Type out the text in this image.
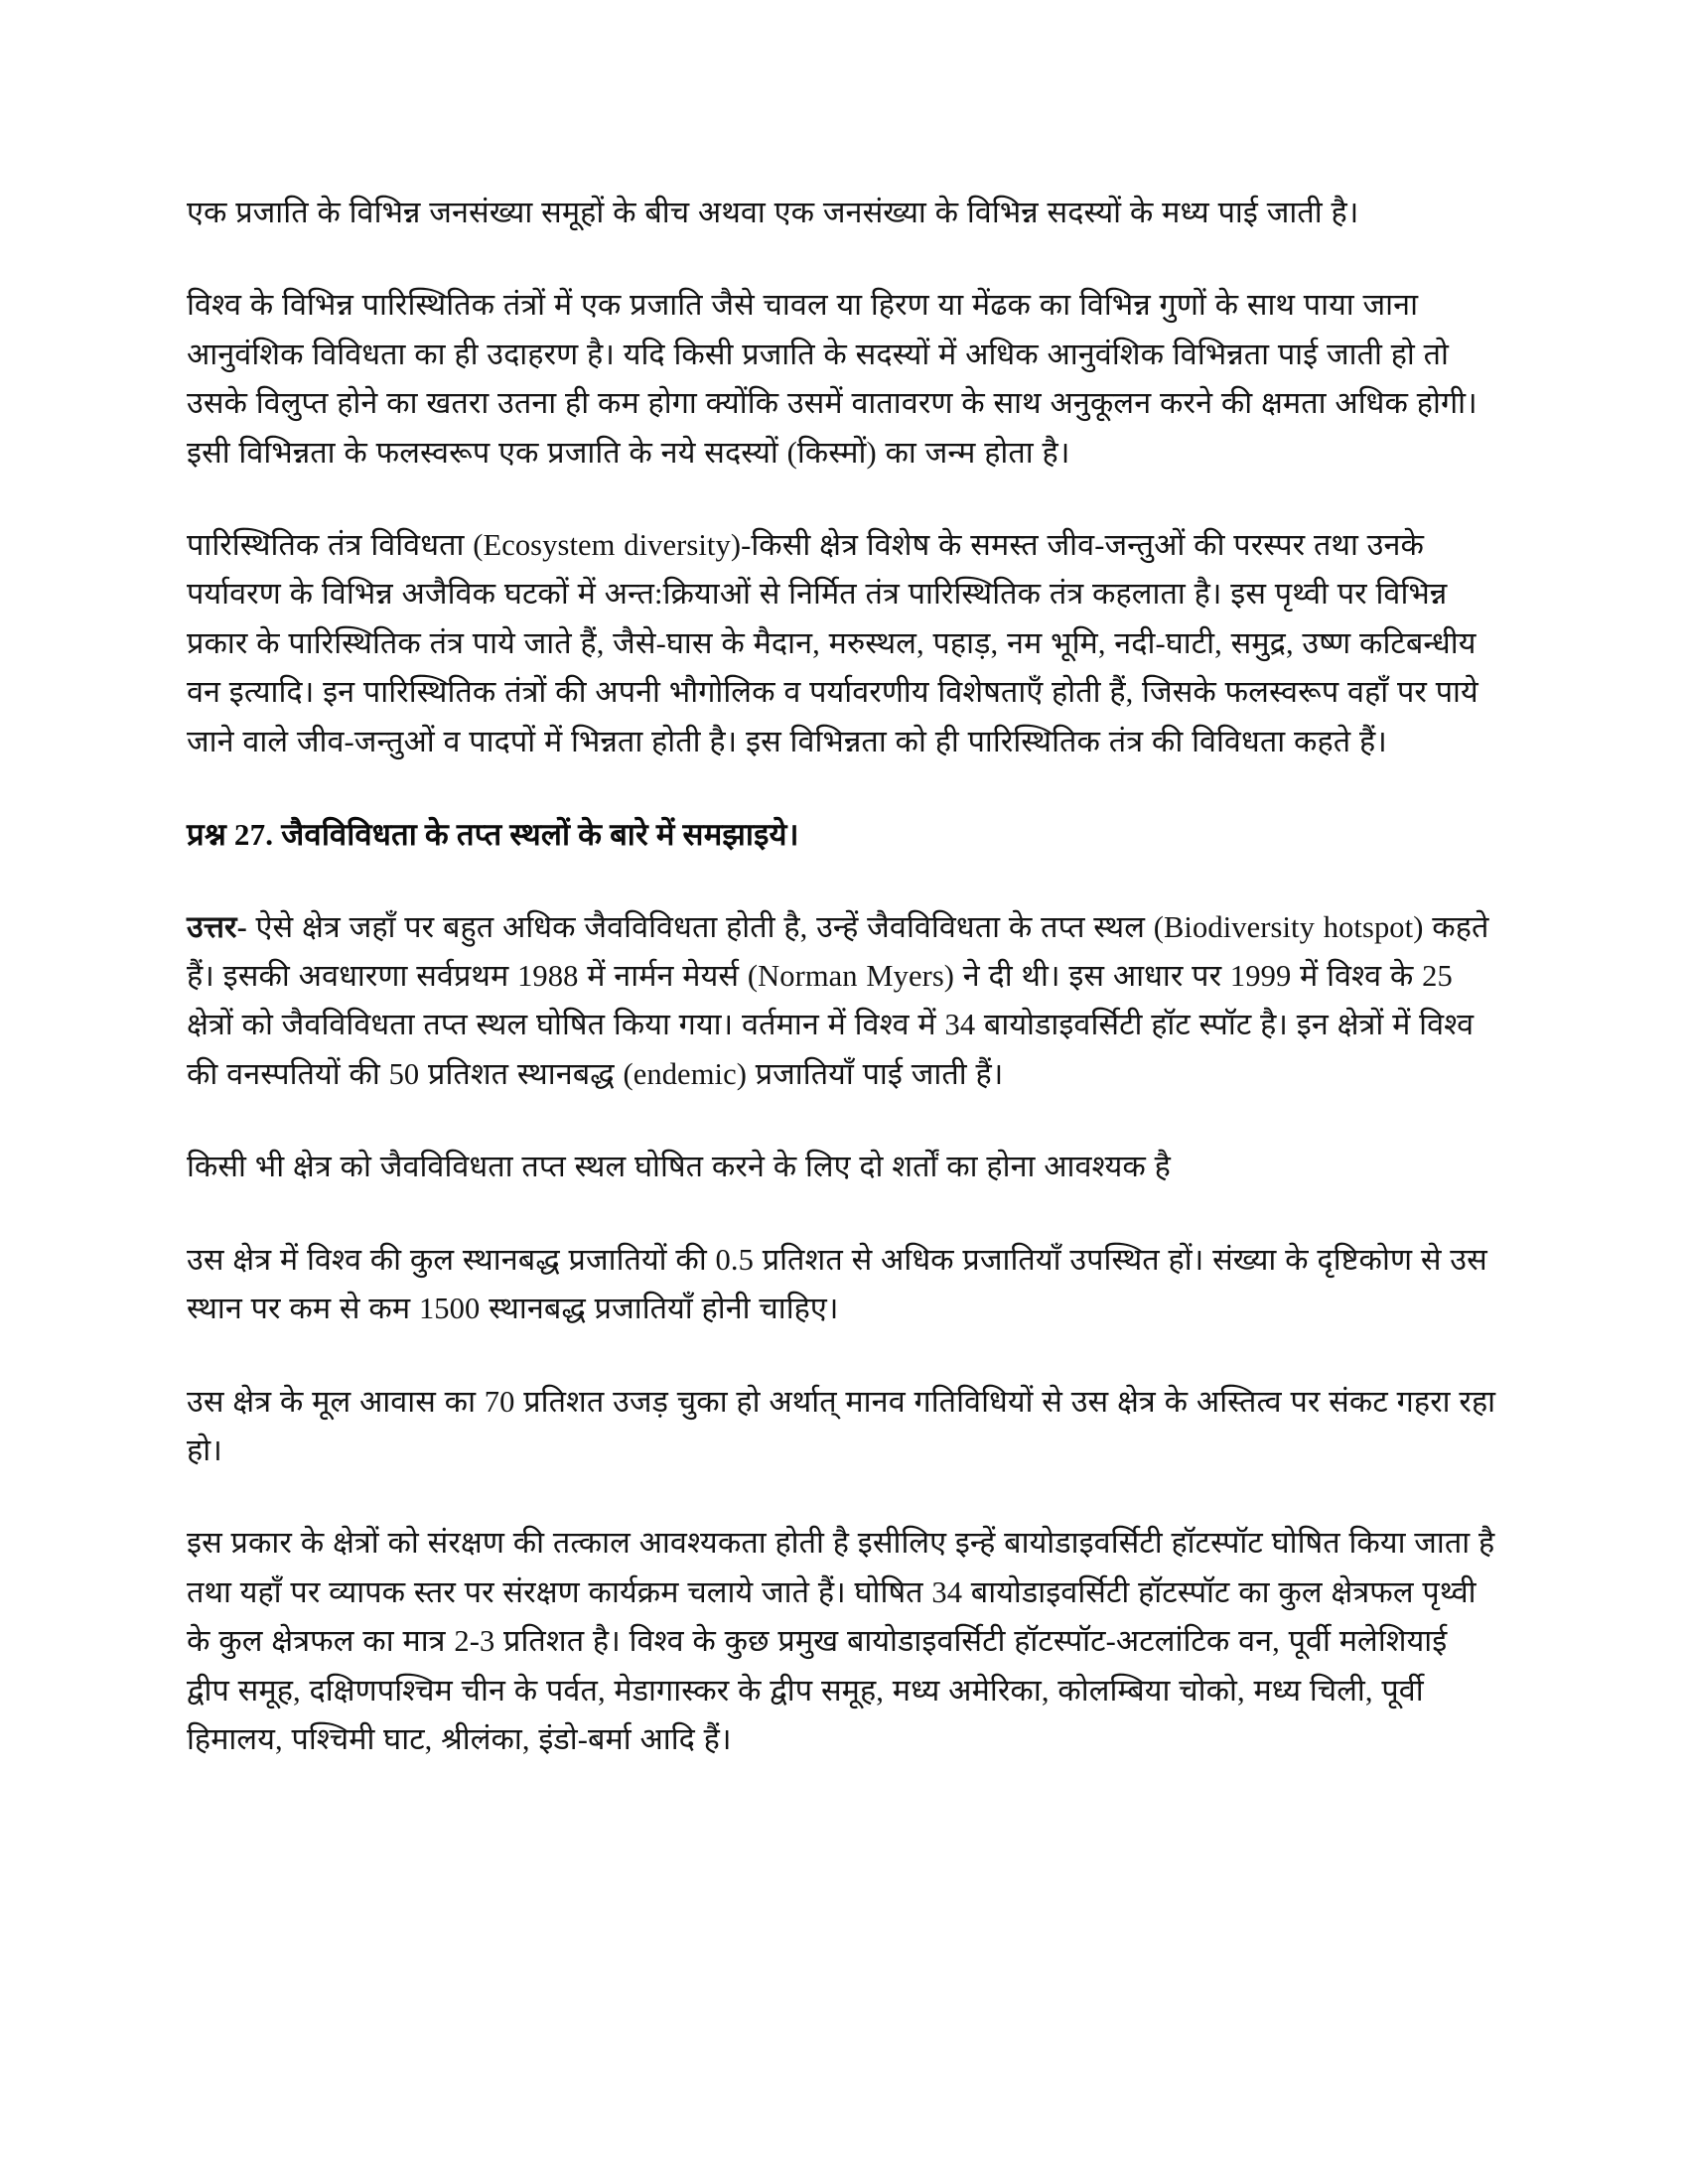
एक प्रजाति के विभिन्न जनसंख्या समूहों के बीच अथवा एक जनसंख्या के विभिन्न सदस्यों के मध्य पाई जाती है।

विश्व के विभिन्न पारिस्थितिक तंत्रों में एक प्रजाति जैसे चावल या हिरण या मेंढक का विभिन्न गुणों के साथ पाया जाना आनुवंशिक विविधता का ही उदाहरण है। यदि किसी प्रजाति के सदस्यों में अधिक आनुवंशिक विभिन्नता पाई जाती हो तो उसके विलुप्त होने का खतरा उतना ही कम होगा क्योंकि उसमें वातावरण के साथ अनुकूलन करने की क्षमता अधिक होगी। इसी विभिन्नता के फलस्वरूप एक प्रजाति के नये सदस्यों (किस्मों) का जन्म होता है।

पारिस्थितिक तंत्र विविधता (Ecosystem diversity)-किसी क्षेत्र विशेष के समस्त जीव-जन्तुओं की परस्पर तथा उनके पर्यावरण के विभिन्न अजैविक घटकों में अन्त:क्रियाओं से निर्मित तंत्र पारिस्थितिक तंत्र कहलाता है। इस पृथ्वी पर विभिन्न प्रकार के पारिस्थितिक तंत्र पाये जाते हैं, जैसे-घास के मैदान, मरुस्थल, पहाड़, नम भूमि, नदी-घाटी, समुद्र, उष्ण कटिबन्धीय वन इत्यादि। इन पारिस्थितिक तंत्रों की अपनी भौगोलिक व पर्यावरणीय विशेषताएँ होती हैं, जिसके फलस्वरूप वहाँ पर पाये जाने वाले जीव-जन्तुओं व पादपों में भिन्नता होती है। इस विभिन्नता को ही पारिस्थितिक तंत्र की विविधता कहते हैं।

प्रश्न 27. जैवविविधता के तप्त स्थलों के बारे में समझाइये।

उत्तर- ऐसे क्षेत्र जहाँ पर बहुत अधिक जैवविविधता होती है, उन्हें जैवविविधता के तप्त स्थल (Biodiversity hotspot) कहते हैं। इसकी अवधारणा सर्वप्रथम 1988 में नार्मन मेयर्स (Norman Myers) ने दी थी। इस आधार पर 1999 में विश्व के 25 क्षेत्रों को जैवविविधता तप्त स्थल घोषित किया गया। वर्तमान में विश्व में 34 बायोडाइवर्सिटी हॉट स्पॉट है। इन क्षेत्रों में विश्व की वनस्पतियों की 50 प्रतिशत स्थानबद्ध (endemic) प्रजातियाँ पाई जाती हैं।

किसी भी क्षेत्र को जैवविविधता तप्त स्थल घोषित करने के लिए दो शर्तों का होना आवश्यक है

उस क्षेत्र में विश्व की कुल स्थानबद्ध प्रजातियों की 0.5 प्रतिशत से अधिक प्रजातियाँ उपस्थित हों। संख्या के दृष्टिकोण से उस स्थान पर कम से कम 1500 स्थानबद्ध प्रजातियाँ होनी चाहिए।

उस क्षेत्र के मूल आवास का 70 प्रतिशत उजड़ चुका हो अर्थात् मानव गतिविधियों से उस क्षेत्र के अस्तित्व पर संकट गहरा रहा हो।

इस प्रकार के क्षेत्रों को संरक्षण की तत्काल आवश्यकता होती है इसीलिए इन्हें बायोडाइवर्सिटी हॉटस्पॉट घोषित किया जाता है तथा यहाँ पर व्यापक स्तर पर संरक्षण कार्यक्रम चलाये जाते हैं। घोषित 34 बायोडाइवर्सिटी हॉटस्पॉट का कुल क्षेत्रफल पृथ्वी के कुल क्षेत्रफल का मात्र 2-3 प्रतिशत है। विश्व के कुछ प्रमुख बायोडाइवर्सिटी हॉटस्पॉट-अटलांटिक वन, पूर्वी मलेशियाई द्वीप समूह, दक्षिणपश्चिम चीन के पर्वत, मेडागास्कर के द्वीप समूह, मध्य अमेरिका, कोलम्बिया चोको, मध्य चिली, पूर्वी हिमालय, पश्चिमी घाट, श्रीलंका, इंडो-बर्मा आदि हैं।
